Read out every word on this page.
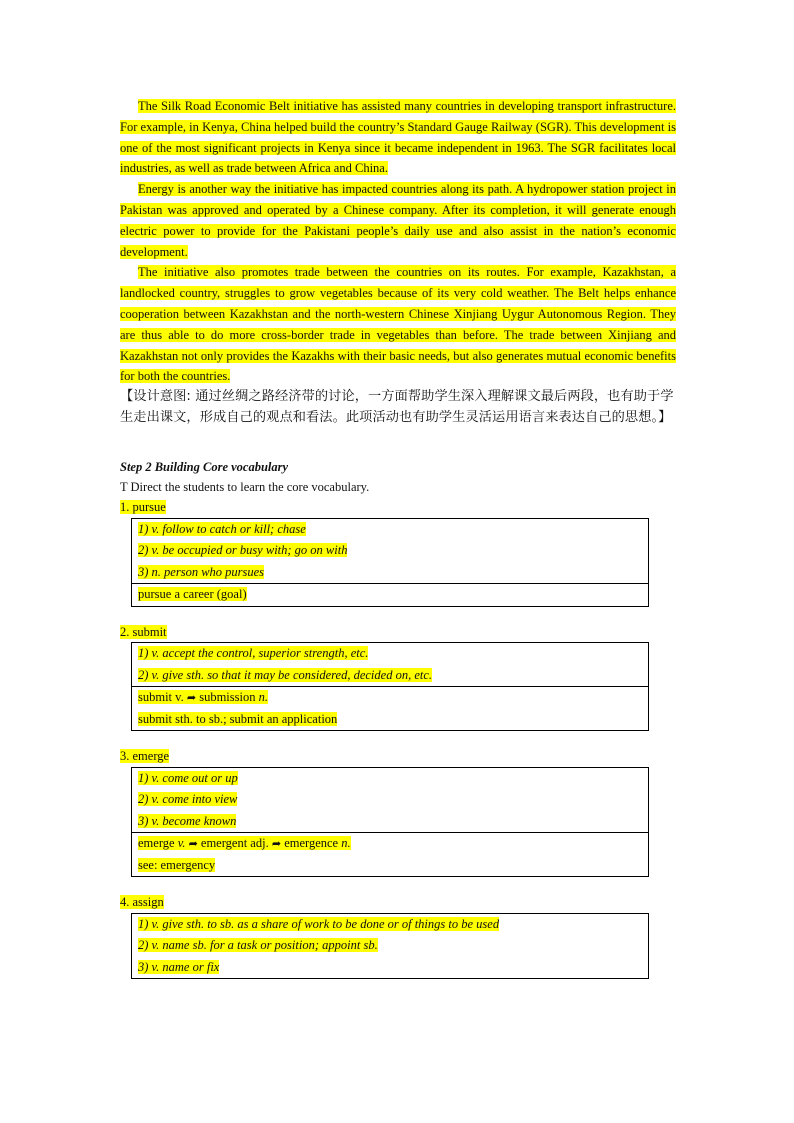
The Silk Road Economic Belt initiative has assisted many countries in developing transport infrastructure. For example, in Kenya, China helped build the country’s Standard Gauge Railway (SGR). This development is one of the most significant projects in Kenya since it became independent in 1963. The SGR facilitates local industries, as well as trade between Africa and China.

Energy is another way the initiative has impacted countries along its path. A hydropower station project in Pakistan was approved and operated by a Chinese company. After its completion, it will generate enough electric power to provide for the Pakistani people’s daily use and also assist in the nation’s economic development.

The initiative also promotes trade between the countries on its routes. For example, Kazakhstan, a landlocked country, struggles to grow vegetables because of its very cold weather. The Belt helps enhance cooperation between Kazakhstan and the north-western Chinese Xinjiang Uygur Autonomous Region. They are thus able to do more cross-border trade in vegetables than before. The trade between Xinjiang and Kazakhstan not only provides the Kazakhs with their basic needs, but also generates mutual economic benefits for both the countries.

【设计意图: 通过丝绸之路经济带的讨论，一方面帮助学生深入理解课文最后两段，也有助于学生走出课文，形成自己的观点和看法。此项活动也有助学生灵活运用语言来表达自己的思想。】

Step 2 Building Core vocabulary

T Direct the students to learn the core vocabulary.

1. pursue

1) v. follow to catch or kill; chase
2) v. be occupied or busy with; go on with
3) n. person who pursues
pursue a career (goal)

2. submit

1) v. accept the control, superior strength, etc.
2) v. give sth. so that it may be considered, decided on, etc.
submit v. ➦ submission n.
submit sth. to sb.; submit an application

3. emerge

1) v. come out or up
2) v. come into view
3) v. become known
emerge v. ➦ emergent adj. ➦ emergence n.
see: emergency

4. assign

1) v. give sth. to sb. as a share of work to be done or of things to be used
2) v. name sb. for a task or position; appoint sb.
3) v. name or fix
